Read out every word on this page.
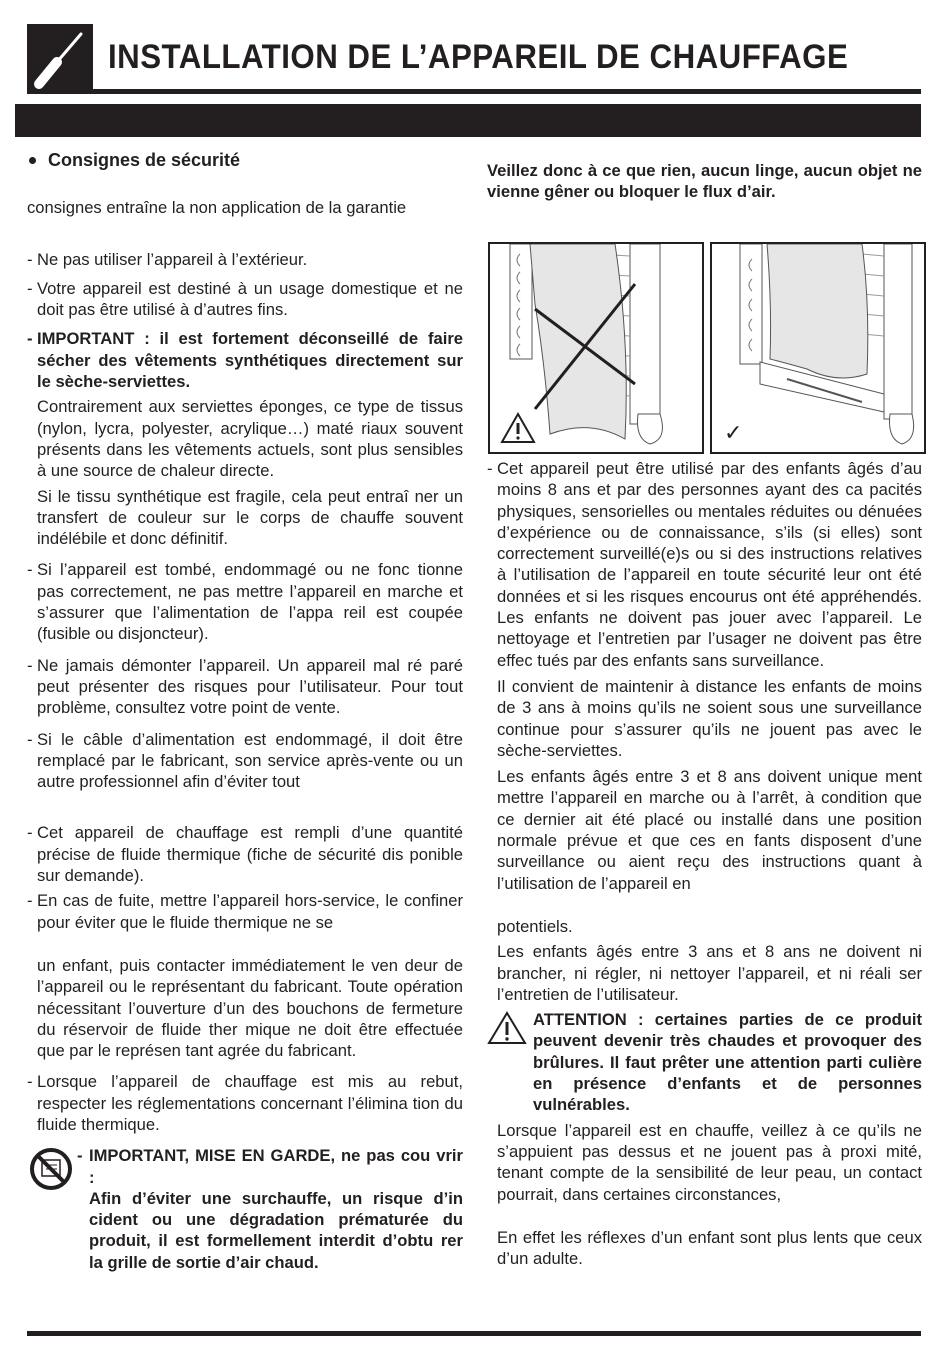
INSTALLATION DE L’APPAREIL DE CHAUFFAGE
Consignes de sécurité

consignes entraîne la non application de la garantie

- Ne pas utiliser l’appareil à l’extérieur.

- Votre appareil est destiné à un usage domestique et ne doit pas être utilisé à d’autres fins.

- IMPORTANT : il est fortement déconseillé de faire sécher des vêtements synthétiques directement sur le sèche-serviettes.

Contrairement aux serviettes éponges, ce type de tissus (nylon, lycra, polyester, acrylique…) maté riaux souvent présents dans les vêtements actuels, sont plus sensibles à une source de chaleur directe.

Si le tissu synthétique est fragile, cela peut entraî ner un transfert de couleur sur le corps de chauffe souvent indélébile et donc définitif.

- Si l’appareil est tombé, endommagé ou ne fonc tionne pas correctement, ne pas mettre l’appareil en marche et s’assurer que l’alimentation de l’appa reil est coupée (fusible ou disjoncteur).

- Ne jamais démonter l’appareil. Un appareil mal ré paré peut présenter des risques pour l’utilisateur. Pour tout problème, consultez votre point de vente.

- Si le câble d’alimentation est endommagé, il doit être remplacé par le fabricant, son service après-vente ou un autre professionnel afin d’éviter tout

- Cet appareil de chauffage est rempli d’une quantité précise de fluide thermique (fiche de sécurité dis ponible sur demande).

- En cas de fuite, mettre l’appareil hors-service, le confiner pour éviter que le fluide thermique ne se

un enfant, puis contacter immédiatement le ven deur de l’appareil ou le représentant du fabricant. Toute opération nécessitant l’ouverture d’un des bouchons de fermeture du réservoir de fluide ther mique ne doit être effectuée que par le représen tant agrée du fabricant.

- Lorsque l’appareil de chauffage est mis au rebut, respecter les réglementations concernant l’élimina tion du fluide thermique.

- IMPORTANT, MISE EN GARDE, ne pas cou vrir :

Afin d’éviter une surchauffe, un risque d’in cident ou une dégradation prématurée du produit, il est formellement interdit d’obtu rer la grille de sortie d’air chaud.

Veillez donc à ce que rien, aucun linge, aucun objet ne vienne gêner ou bloquer le flux d’air.

✓

- Cet appareil peut être utilisé par des enfants âgés d’au moins 8 ans et par des personnes ayant des ca pacités physiques, sensorielles ou mentales réduites ou dénuées d’expérience ou de connaissance, s’ils (si elles) sont correctement surveillé(e)s ou si des instructions relatives à l’utilisation de l’appareil en toute sécurité leur ont été données et si les risques encourus ont été appréhendés. Les enfants ne doivent pas jouer avec l’appareil. Le nettoyage et l’entretien par l’usager ne doivent pas être effec tués par des enfants sans surveillance.

Il convient de maintenir à distance les enfants de moins de 3 ans à moins qu’ils ne soient sous une surveillance continue pour s’assurer qu’ils ne jouent pas avec le sèche-serviettes.

Les enfants âgés entre 3 et 8 ans doivent unique ment mettre l’appareil en marche ou à l’arrêt, à condition que ce dernier ait été placé ou installé dans une position normale prévue et que ces en fants disposent d’une surveillance ou aient reçu des instructions quant à l’utilisation de l’appareil en

potentiels.

Les enfants âgés entre 3 ans et 8 ans ne doivent ni brancher, ni régler, ni nettoyer l’appareil, et ni réali ser l’entretien de l’utilisateur.

ATTENTION : certaines parties de ce produit peuvent devenir très chaudes et provoquer des brûlures. Il faut prêter une attention parti culière en présence d’enfants et de personnes vulnérables.

Lorsque l’appareil est en chauffe, veillez à ce qu’ils ne s’appuient pas dessus et ne jouent pas à proxi mité, tenant compte de la sensibilité de leur peau, un contact pourrait, dans certaines circonstances,

En effet les réflexes d’un enfant sont plus lents que ceux d’un adulte.
